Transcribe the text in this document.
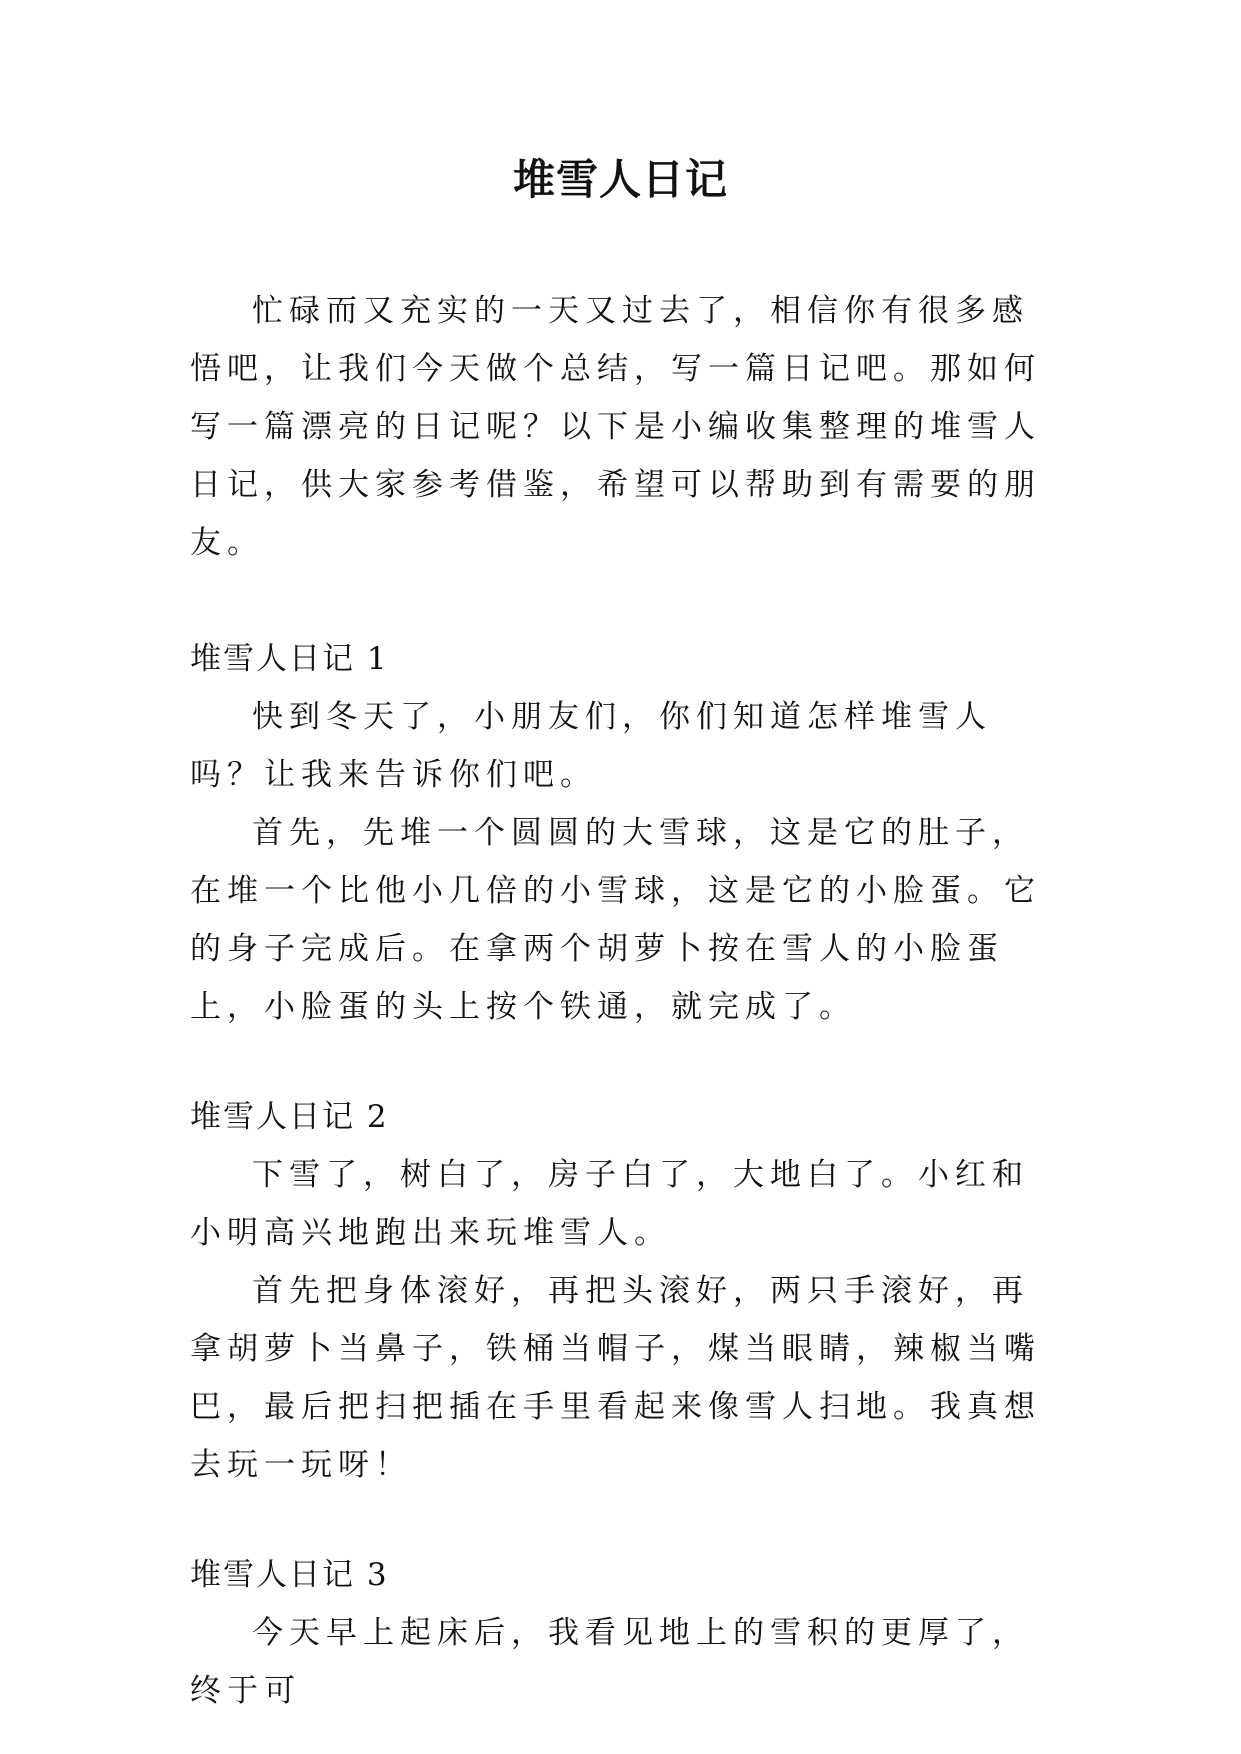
堆雪人日记

忙碌而又充实的一天又过去了，相信你有很多感悟吧，让我们今天做个总结，写一篇日记吧。那如何写一篇漂亮的日记呢？以下是小编收集整理的堆雪人日记，供大家参考借鉴，希望可以帮助到有需要的朋友。

堆雪人日记 1

快到冬天了，小朋友们，你们知道怎样堆雪人吗？让我来告诉你们吧。

首先，先堆一个圆圆的大雪球，这是它的肚子，在堆一个比他小几倍的小雪球，这是它的小脸蛋。它的身子完成后。在拿两个胡萝卜按在雪人的小脸蛋上，小脸蛋的头上按个铁通，就完成了。

堆雪人日记 2

下雪了，树白了，房子白了，大地白了。小红和小明高兴地跑出来玩堆雪人。

首先把身体滚好，再把头滚好，两只手滚好，再拿胡萝卜当鼻子，铁桶当帽子，煤当眼睛，辣椒当嘴巴，最后把扫把插在手里看起来像雪人扫地。我真想去玩一玩呀！

堆雪人日记 3

今天早上起床后，我看见地上的雪积的更厚了，终于可
